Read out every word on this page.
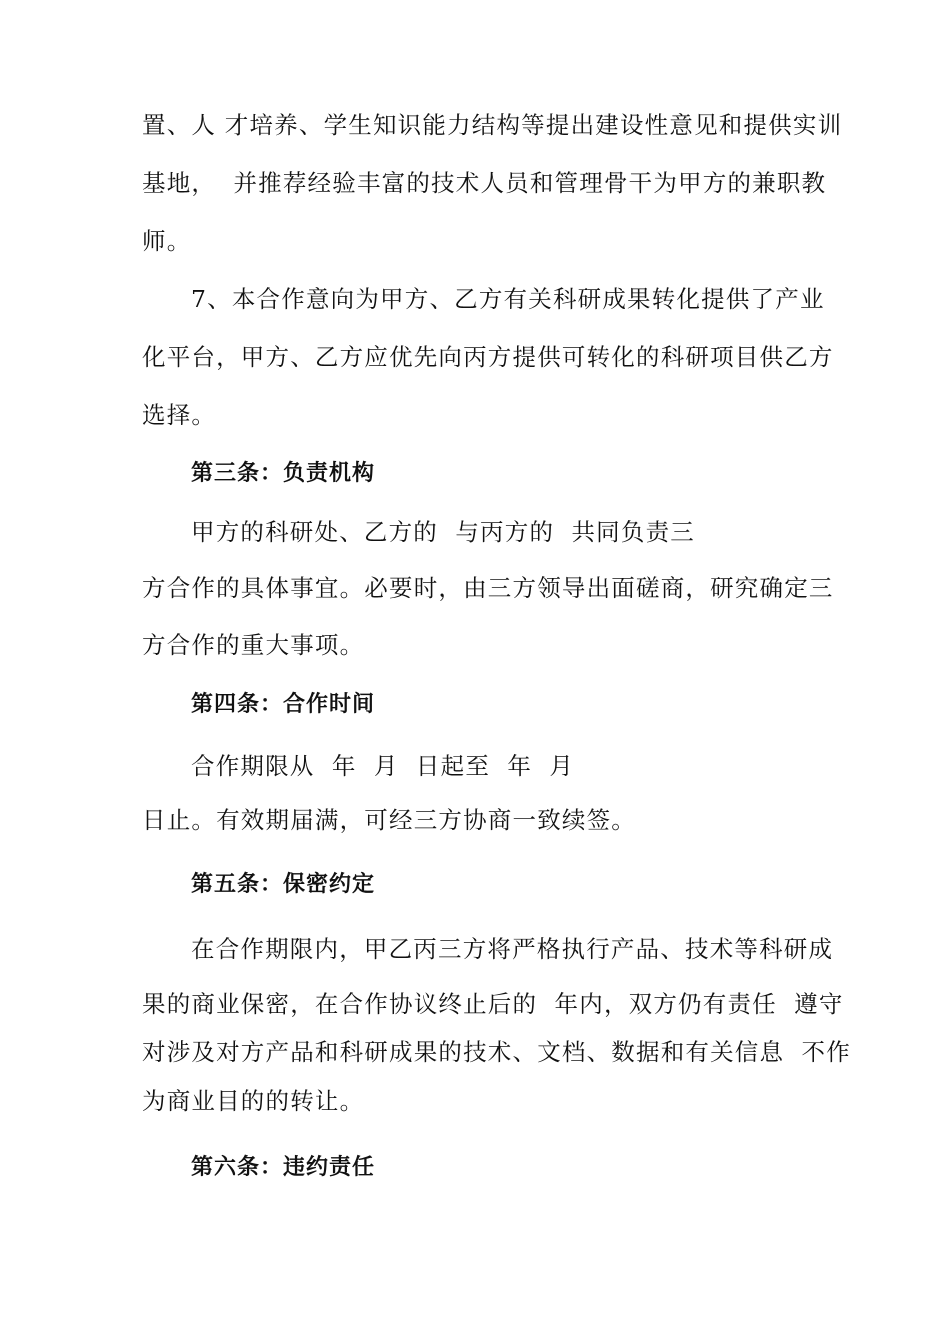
置、人 才培养、学生知识能力结构等提出建设性意见和提供实训
基地，  并推荐经验丰富的技术人员和管理骨干为甲方的兼职教
师。
7、本合作意向为甲方、乙方有关科研成果转化提供了产业
化平台，甲方、乙方应优先向丙方提供可转化的科研项目供乙方
选择。
第三条：负责机构
甲方的科研处、乙方的  与丙方的  共同负责三
方合作的具体事宜。必要时，由三方领导出面磋商，研究确定三
方合作的重大事项。
第四条：合作时间
合作期限从  年  月  日起至  年  月
日止。有效期届满，可经三方协商一致续签。
第五条：保密约定
在合作期限内，甲乙丙三方将严格执行产品、技术等科研成
果的商业保密，在合作协议终止后的  年内，双方仍有责任  遵守
对涉及对方产品和科研成果的技术、文档、数据和有关信息  不作
为商业目的的转让。
第六条：违约责任
